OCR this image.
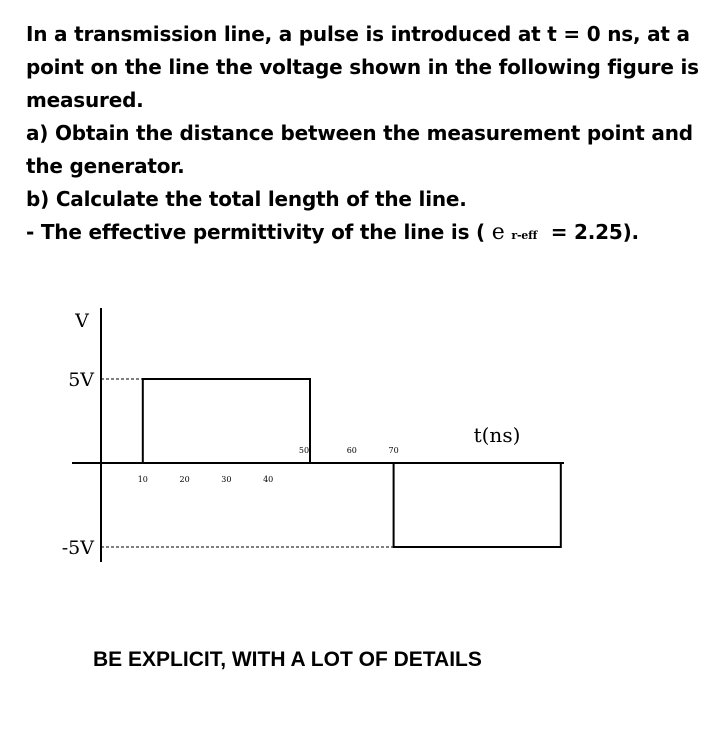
In a transmission line, a pulse is introduced at t = 0 ns, at a point on the line the voltage shown in the following figure is measured.

a) Obtain the distance between the measurement point and the generator.

b) Calculate the total length of the line.

- The effective permittivity of the line is ( e r-eff = 2.25).

V
5V
-5V
t(ns)
10	20	30	40
50	60	70
BE EXPLICIT, WITH A LOT OF DETAILS
